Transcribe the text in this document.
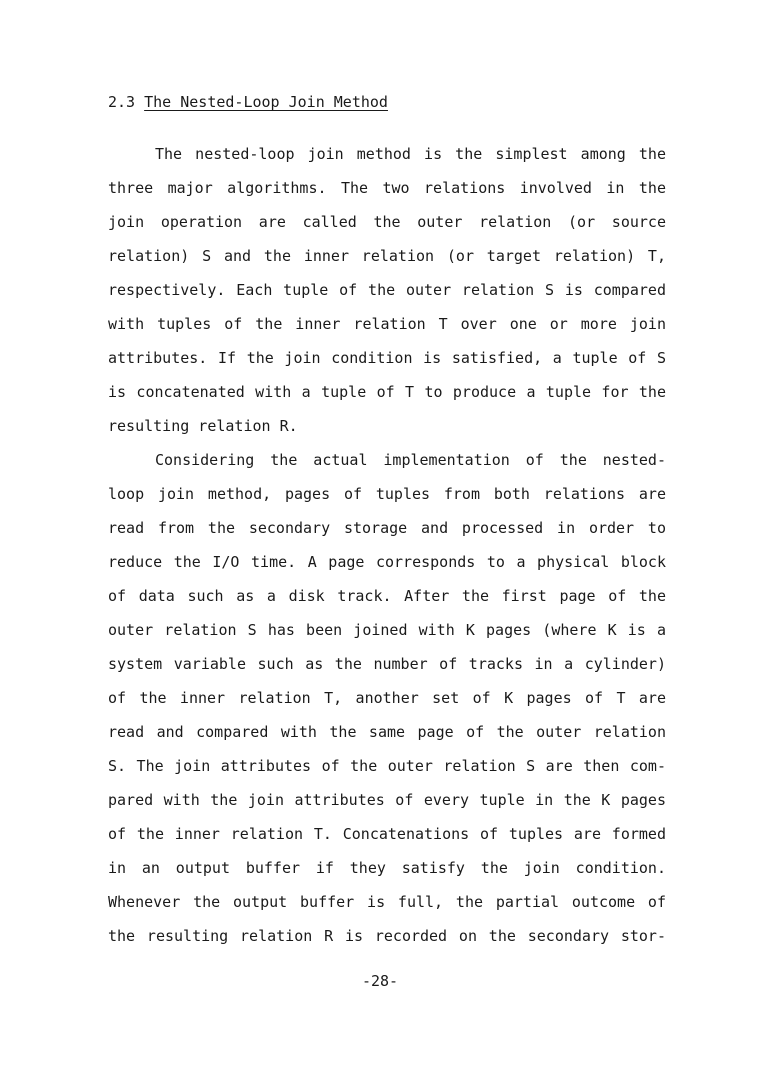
2.3 The Nested-Loop Join Method
The nested-loop join method is the simplest among the
three major algorithms. The two relations involved in the
join operation are called the outer relation (or source
relation) S and the inner relation (or target relation) T,
respectively. Each tuple of the outer relation S is compared
with tuples of the inner relation T over one or more join
attributes. If the join condition is satisfied, a tuple of S
is concatenated with a tuple of T to produce a tuple for the
resulting relation R.
Considering the actual implementation of the nested-
loop join method, pages of tuples from both relations are
read from the secondary storage and processed in order to
reduce the I/O time. A page corresponds to a physical block
of data such as a disk track. After the first page of the
outer relation S has been joined with K pages (where K is a
system variable such as the number of tracks in a cylinder)
of the inner relation T, another set of K pages of T are
read and compared with the same page of the outer relation
S. The join attributes of the outer relation S are then com-
pared with the join attributes of every tuple in the K pages
of the inner relation T. Concatenations of tuples are formed
in an output buffer if they satisfy the join condition.
Whenever the output buffer is full, the partial outcome of
the resulting relation R is recorded on the secondary stor-
-28-
